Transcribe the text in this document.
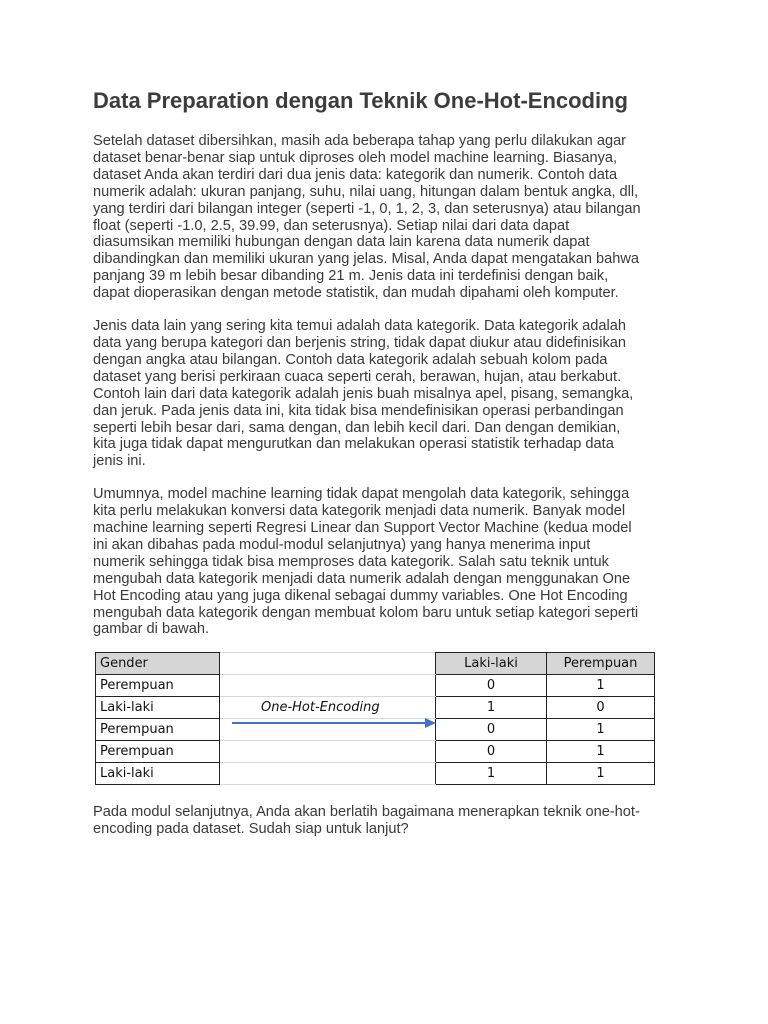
Data Preparation dengan Teknik One-Hot-Encoding

Setelah dataset dibersihkan, masih ada beberapa tahap yang perlu dilakukan agar
dataset benar-benar siap untuk diproses oleh model machine learning. Biasanya,
dataset Anda akan terdiri dari dua jenis data: kategorik dan numerik. Contoh data
numerik adalah: ukuran panjang, suhu, nilai uang, hitungan dalam bentuk angka, dll,
yang terdiri dari bilangan integer (seperti -1, 0, 1, 2, 3, dan seterusnya) atau bilangan
float (seperti -1.0, 2.5, 39.99, dan seterusnya). Setiap nilai dari data dapat
diasumsikan memiliki hubungan dengan data lain karena data numerik dapat
dibandingkan dan memiliki ukuran yang jelas. Misal, Anda dapat mengatakan bahwa
panjang 39 m lebih besar dibanding 21 m. Jenis data ini terdefinisi dengan baik,
dapat dioperasikan dengan metode statistik, dan mudah dipahami oleh komputer.

Jenis data lain yang sering kita temui adalah data kategorik. Data kategorik adalah
data yang berupa kategori dan berjenis string, tidak dapat diukur atau didefinisikan
dengan angka atau bilangan. Contoh data kategorik adalah sebuah kolom pada
dataset yang berisi perkiraan cuaca seperti cerah, berawan, hujan, atau berkabut.
Contoh lain dari data kategorik adalah jenis buah misalnya apel, pisang, semangka,
dan jeruk. Pada jenis data ini, kita tidak bisa mendefinisikan operasi perbandingan
seperti lebih besar dari, sama dengan, dan lebih kecil dari. Dan dengan demikian,
kita juga tidak dapat mengurutkan dan melakukan operasi statistik terhadap data
jenis ini.

Umumnya, model machine learning tidak dapat mengolah data kategorik, sehingga
kita perlu melakukan konversi data kategorik menjadi data numerik. Banyak model
machine learning seperti Regresi Linear dan Support Vector Machine (kedua model
ini akan dibahas pada modul-modul selanjutnya) yang hanya menerima input
numerik sehingga tidak bisa memproses data kategorik. Salah satu teknik untuk
mengubah data kategorik menjadi data numerik adalah dengan menggunakan One
Hot Encoding atau yang juga dikenal sebagai dummy variables. One Hot Encoding
mengubah data kategorik dengan membuat kolom baru untuk setiap kategori seperti
gambar di bawah.

Gender		Laki-laki	Perempuan
Perempuan		0	1
Laki-laki		1	0
Perempuan		0	1
Perempuan		0	1
Laki-laki		1	1
One-Hot-Encoding

Pada modul selanjutnya, Anda akan berlatih bagaimana menerapkan teknik one-hot-
encoding pada dataset. Sudah siap untuk lanjut?
